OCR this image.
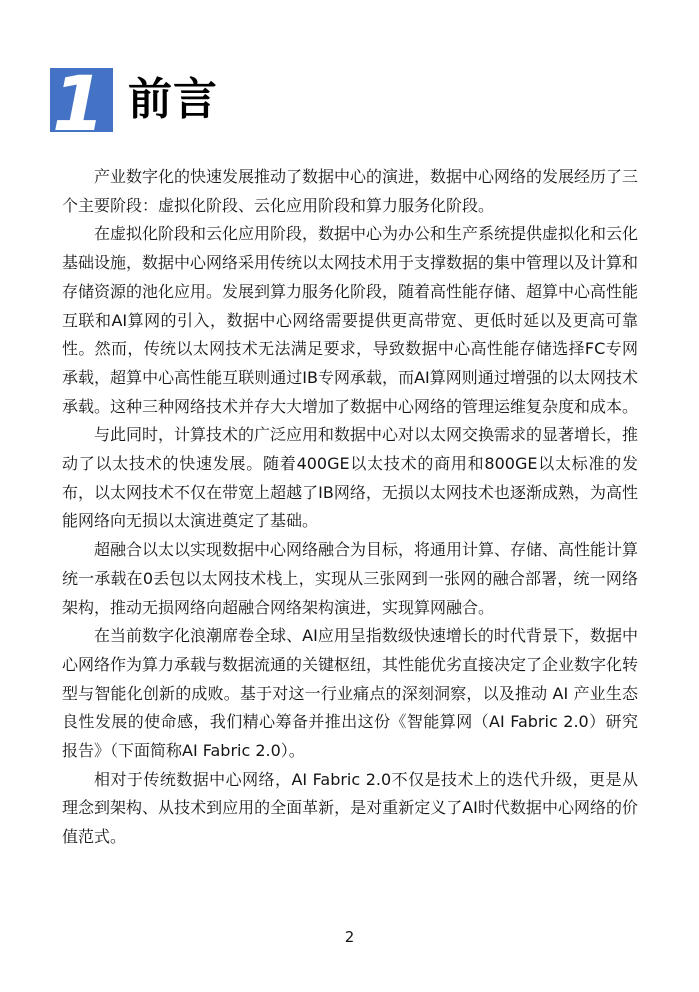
1 前言

产业数字化的快速发展推动了数据中心的演进，数据中心网络的发展经历了三个主要阶段：虚拟化阶段、云化应用阶段和算力服务化阶段。

在虚拟化阶段和云化应用阶段，数据中心为办公和生产系统提供虚拟化和云化基础设施，数据中心网络采用传统以太网技术用于支撑数据的集中管理以及计算和存储资源的池化应用。发展到算力服务化阶段，随着高性能存储、超算中心高性能互联和AI算网的引入，数据中心网络需要提供更高带宽、更低时延以及更高可靠性。然而，传统以太网技术无法满足要求，导致数据中心高性能存储选择FC专网承载，超算中心高性能互联则通过IB专网承载，而AI算网则通过增强的以太网技术承载。这种三种网络技术并存大大增加了数据中心网络的管理运维复杂度和成本。

与此同时，计算技术的广泛应用和数据中心对以太网交换需求的显著增长，推动了以太技术的快速发展。随着400GE以太技术的商用和800GE以太标准的发布，以太网技术不仅在带宽上超越了IB网络，无损以太网技术也逐渐成熟，为高性能网络向无损以太演进奠定了基础。

超融合以太以实现数据中心网络融合为目标，将通用计算、存储、高性能计算统一承载在0丢包以太网技术栈上，实现从三张网到一张网的融合部署，统一网络架构，推动无损网络向超融合网络架构演进，实现算网融合。

在当前数字化浪潮席卷全球、AI应用呈指数级快速增长的时代背景下，数据中心网络作为算力承载与数据流通的关键枢纽，其性能优劣直接决定了企业数字化转型与智能化创新的成败。基于对这一行业痛点的深刻洞察，以及推动 AI 产业生态良性发展的使命感，我们精心筹备并推出这份《智能算网（AI Fabric 2.0）研究报告》（下面简称AI Fabric 2.0）。

相对于传统数据中心网络，AI Fabric 2.0不仅是技术上的迭代升级，更是从理念到架构、从技术到应用的全面革新，是对重新定义了AI时代数据中心网络的价值范式。

2
